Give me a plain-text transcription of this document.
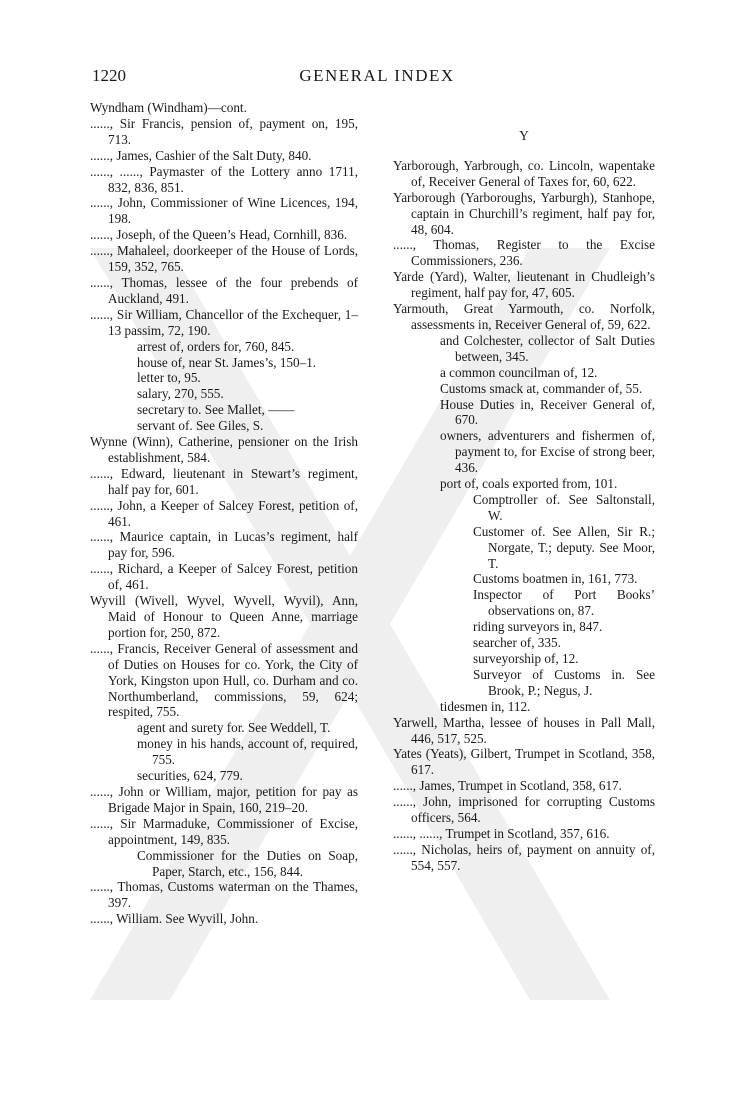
1220	GENERAL INDEX
Wyndham (Windham)—cont.
......, Sir Francis, pension of, payment on, 195, 713.
......, James, Cashier of the Salt Duty, 840.
......, ......, Paymaster of the Lottery anno 1711, 832, 836, 851.
......, John, Commissioner of Wine Licences, 194, 198.
......, Joseph, of the Queen’s Head, Cornhill, 836.
......, Mahaleel, doorkeeper of the House of Lords, 159, 352, 765.
......, Thomas, lessee of the four prebends of Auckland, 491.
......, Sir William, Chancellor of the Exchequer, 1–13 passim, 72, 190.
arrest of, orders for, 760, 845.
house of, near St. James’s, 150–1.
letter to, 95.
salary, 270, 555.
secretary to. See Mallet, ——
servant of. See Giles, S.
Wynne (Winn), Catherine, pensioner on the Irish establishment, 584.
......, Edward, lieutenant in Stewart’s regiment, half pay for, 601.
......, John, a Keeper of Salcey Forest, petition of, 461.
......, Maurice captain, in Lucas’s regiment, half pay for, 596.
......, Richard, a Keeper of Salcey Forest, petition of, 461.
Wyvill (Wivell, Wyvel, Wyvell, Wyvil), Ann, Maid of Honour to Queen Anne, marriage portion for, 250, 872.
......, Francis, Receiver General of assessment and of Duties on Houses for co. York, the City of York, Kingston upon Hull, co. Durham and co. Northumberland, commissions, 59, 624; respited, 755.
agent and surety for. See Weddell, T.
money in his hands, account of, required, 755.
securities, 624, 779.
......, John or William, major, petition for pay as Brigade Major in Spain, 160, 219–20.
......, Sir Marmaduke, Commissioner of Excise, appointment, 149, 835.
Commissioner for the Duties on Soap, Paper, Starch, etc., 156, 844.
......, Thomas, Customs waterman on the Thames, 397.
......, William. See Wyvill, John.
Y
Yarborough, Yarbrough, co. Lincoln, wapentake of, Receiver General of Taxes for, 60, 622.
Yarborough (Yarboroughs, Yarburgh), Stanhope, captain in Churchill’s regiment, half pay for, 48, 604.
......, Thomas, Register to the Excise Commissioners, 236.
Yarde (Yard), Walter, lieutenant in Chudleigh’s regiment, half pay for, 47, 605.
Yarmouth, Great Yarmouth, co. Norfolk, assessments in, Receiver General of, 59, 622.
and Colchester, collector of Salt Duties between, 345.
a common councilman of, 12.
Customs smack at, commander of, 55.
House Duties in, Receiver General of, 670.
owners, adventurers and fishermen of, payment to, for Excise of strong beer, 436.
port of, coals exported from, 101.
Comptroller of. See Saltonstall, W.
Customer of. See Allen, Sir R.; Norgate, T.; deputy. See Moor, T.
Customs boatmen in, 161, 773.
Inspector of Port Books’ observations on, 87.
riding surveyors in, 847.
searcher of, 335.
surveyorship of, 12.
Surveyor of Customs in. See Brook, P.; Negus, J.
tidesmen in, 112.
Yarwell, Martha, lessee of houses in Pall Mall, 446, 517, 525.
Yates (Yeats), Gilbert, Trumpet in Scotland, 358, 617.
......, James, Trumpet in Scotland, 358, 617.
......, John, imprisoned for corrupting Customs officers, 564.
......, ......, Trumpet in Scotland, 357, 616.
......, Nicholas, heirs of, payment on annuity of, 554, 557.
